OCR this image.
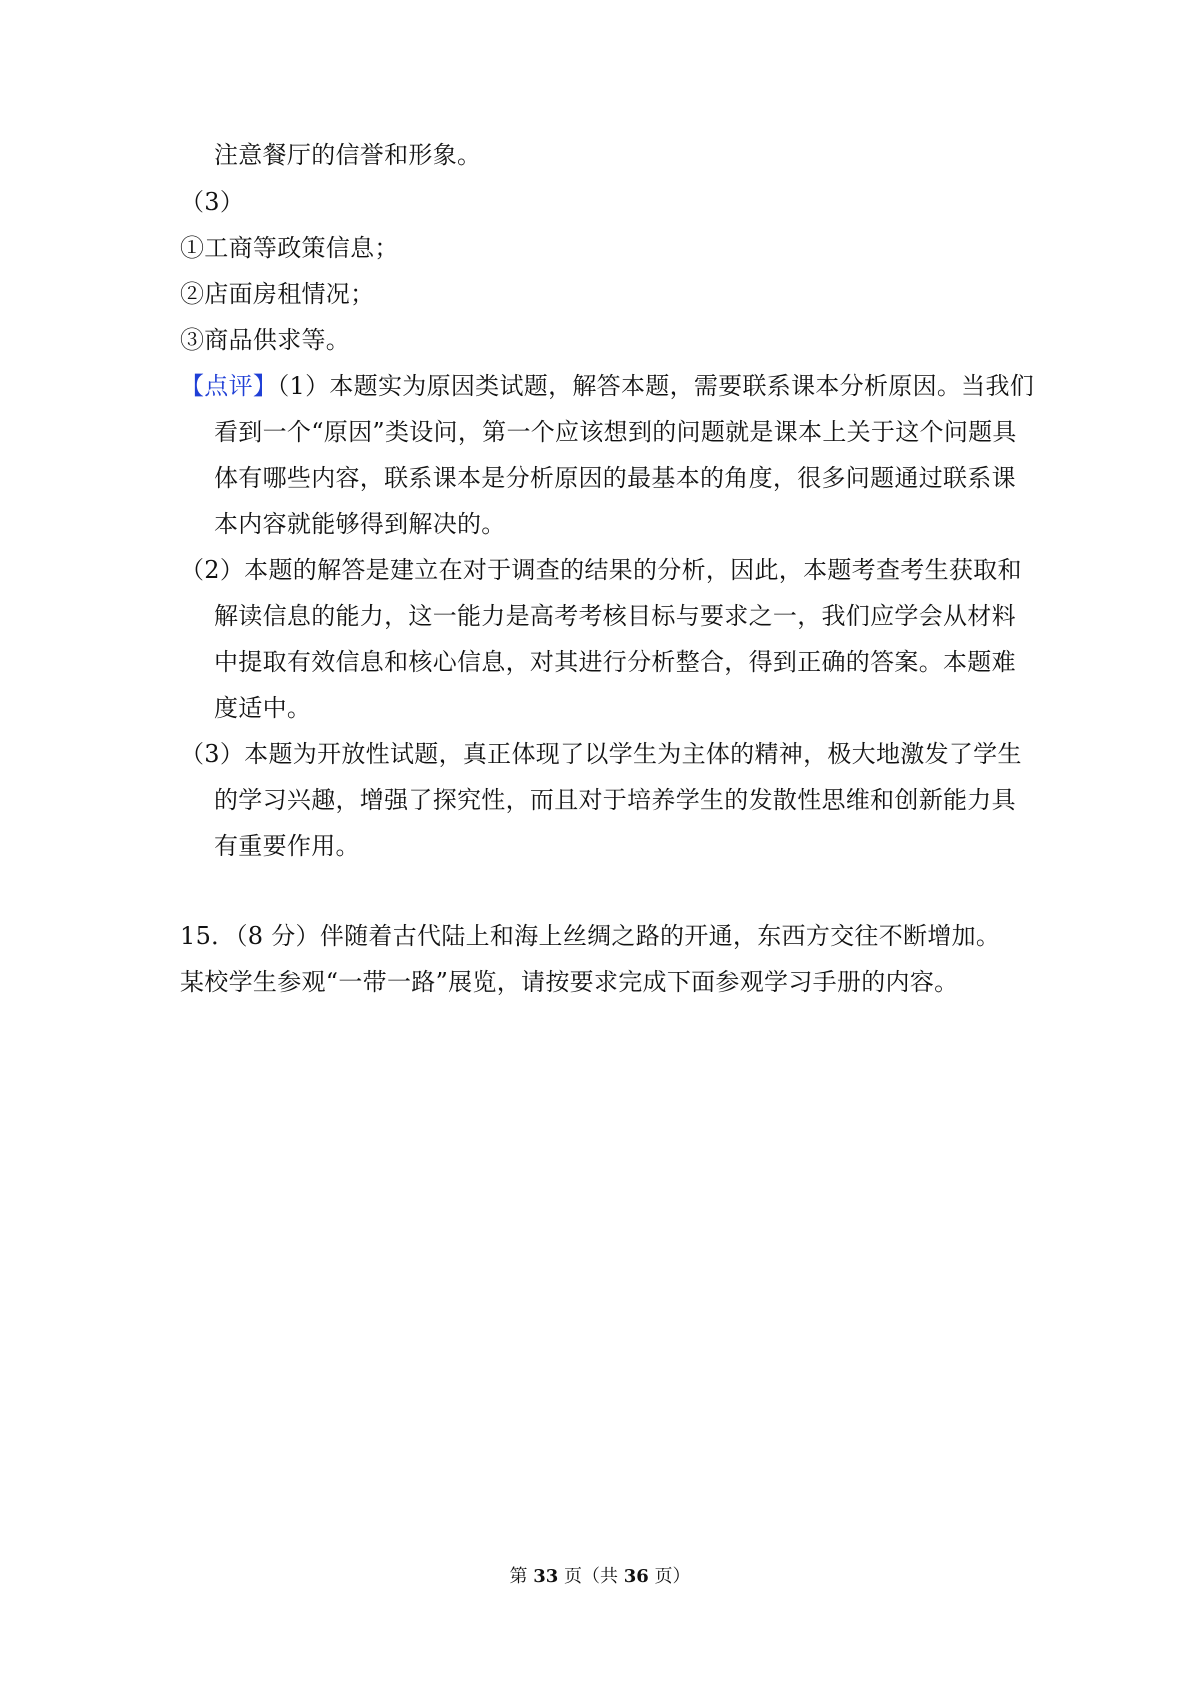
注意餐厅的信誉和形象。
（3）
①工商等政策信息；
②店面房租情况；
③商品供求等。
【点评】（1）本题实为原因类试题，解答本题，需要联系课本分析原因。当我们
看到一个“原因”类设问，第一个应该想到的问题就是课本上关于这个问题具
体有哪些内容，联系课本是分析原因的最基本的角度，很多问题通过联系课
本内容就能够得到解决的。
（2）本题的解答是建立在对于调查的结果的分析，因此，本题考查考生获取和
解读信息的能力，这一能力是高考考核目标与要求之一，我们应学会从材料
中提取有效信息和核心信息，对其进行分析整合，得到正确的答案。本题难
度适中。
（3）本题为开放性试题，真正体现了以学生为主体的精神，极大地激发了学生
的学习兴趣，增强了探究性，而且对于培养学生的发散性思维和创新能力具
有重要作用。
15．（8 分）伴随着古代陆上和海上丝绸之路的开通，东西方交往不断增加。
某校学生参观“一带一路”展览，请按要求完成下面参观学习手册的内容。
第 33 页（共 36 页）
